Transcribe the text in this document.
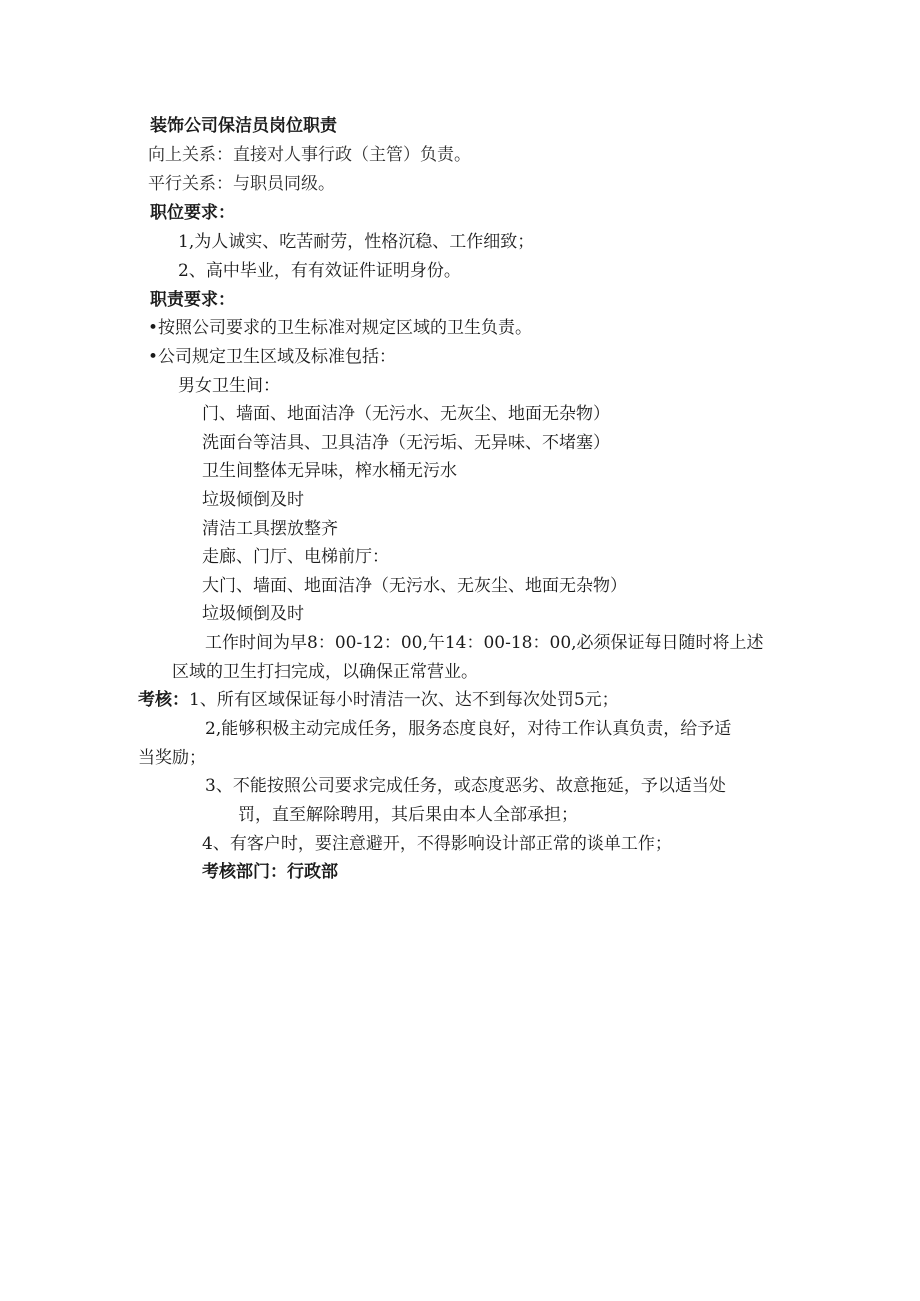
装饰公司保洁员岗位职责
向上关系：直接对人事行政（主管）负责。
平行关系：与职员同级。
职位要求：
1,为人诚实、吃苦耐劳，性格沉稳、工作细致；
2、高中毕业，有有效证件证明身份。
职责要求：
•按照公司要求的卫生标准对规定区域的卫生负责。
•公司规定卫生区域及标准包括：
男女卫生间：
门、墙面、地面洁净（无污水、无灰尘、地面无杂物）
洗面台等洁具、卫具洁净（无污垢、无异味、不堵塞）
卫生间整体无异味，榨水桶无污水
垃圾倾倒及时
清洁工具摆放整齐
走廊、门厅、电梯前厅：
大门、墙面、地面洁净（无污水、无灰尘、地面无杂物）
垃圾倾倒及时
工作时间为早8：00-12：00,午14：00-18：00,必须保证每日随时将上述
区域的卫生打扫完成，以确保正常营业。
考核：1、所有区域保证每小时清洁一次、达不到每次处罚5元；
2,能够积极主动完成任务，服务态度良好，对待工作认真负责，给予适
当奖励；
3、不能按照公司要求完成任务，或态度恶劣、故意拖延，予以适当处
罚，直至解除聘用，其后果由本人全部承担；
4、有客户时，要注意避开，不得影响设计部正常的谈单工作；
考核部门：行政部
